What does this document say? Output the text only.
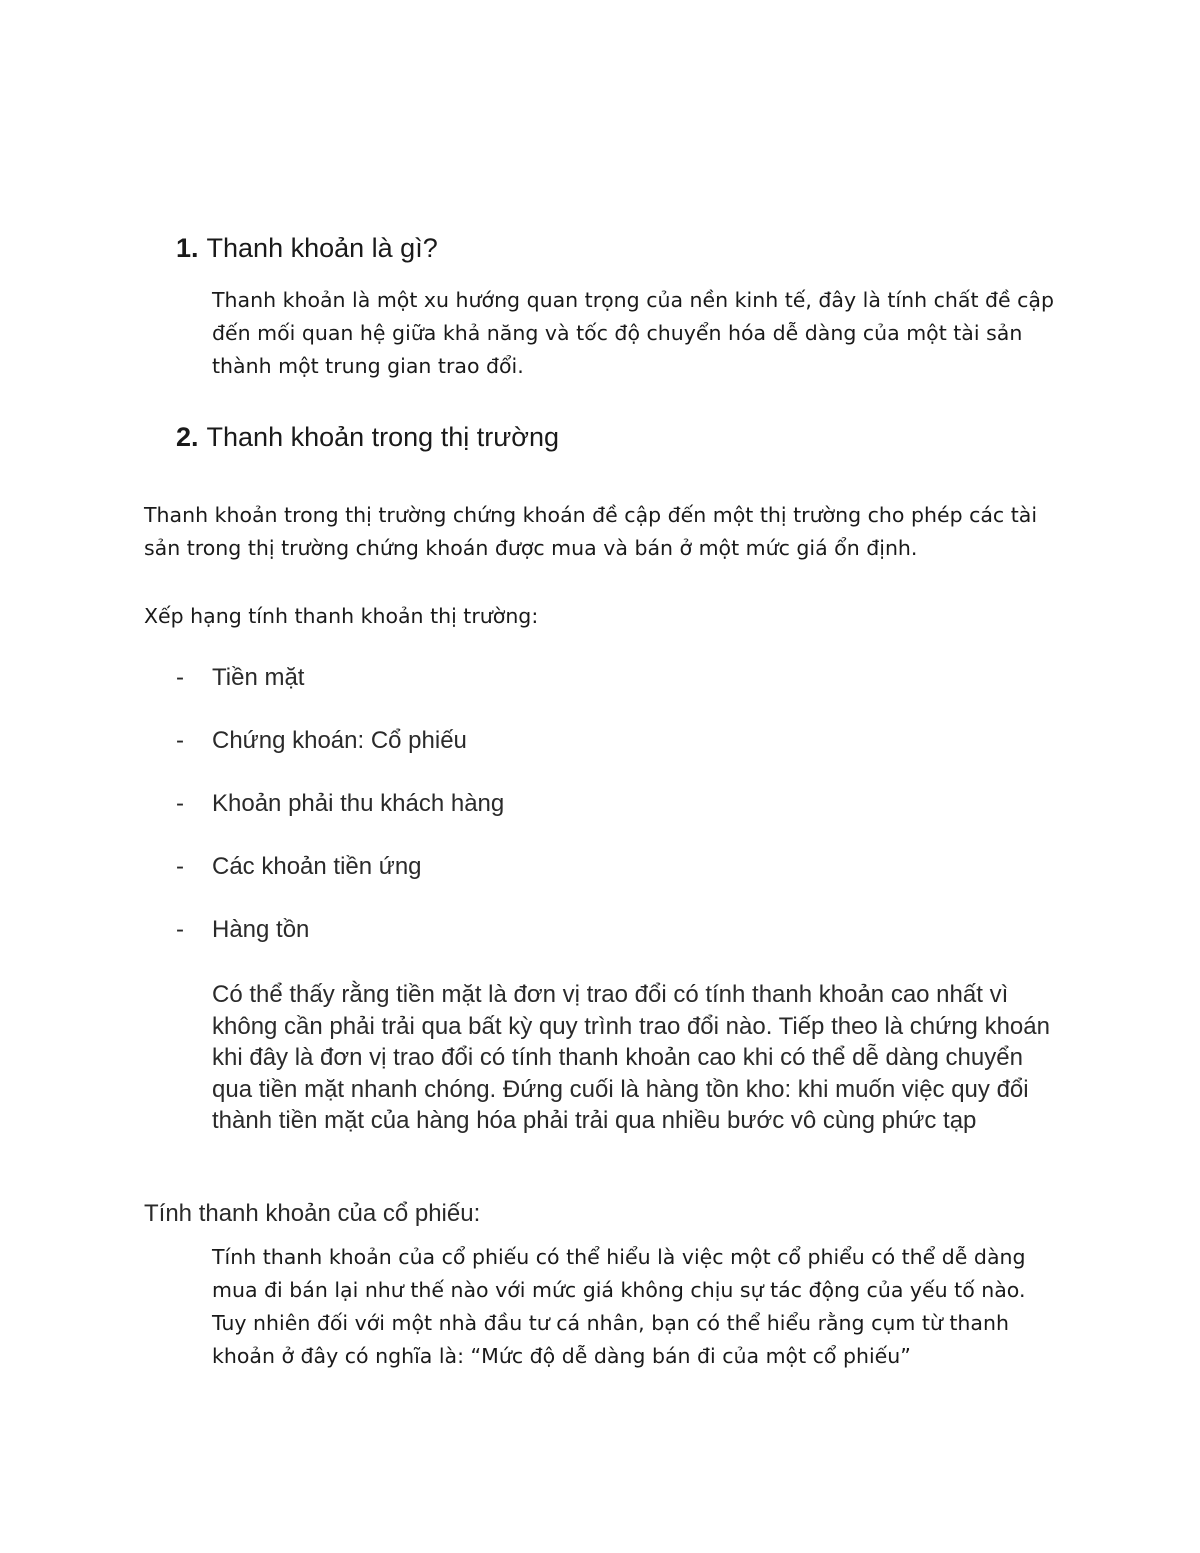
1. Thanh khoản là gì?
Thanh khoản là một xu hướng quan trọng của nền kinh tế, đây là tính chất đề cập đến mối quan hệ giữa khả năng và tốc độ chuyển hóa dễ dàng của một tài sản thành một trung gian trao đổi.
2. Thanh khoản trong thị trường
Thanh khoản trong thị trường chứng khoán đề cập đến một thị trường cho phép các tài sản trong thị trường chứng khoán được mua và bán ở một mức giá ổn định.
Xếp hạng tính thanh khoản thị trường:
- Tiền mặt
- Chứng khoán: Cổ phiếu
- Khoản phải thu khách hàng
- Các khoản tiền ứng
- Hàng tồn
Có thể thấy rằng tiền mặt là đơn vị trao đổi có tính thanh khoản cao nhất vì không cần phải trải qua bất kỳ quy trình trao đổi nào. Tiếp theo là chứng khoán khi đây là đơn vị trao đổi có tính thanh khoản cao khi có thể dễ dàng chuyển qua tiền mặt nhanh chóng. Đứng cuối là hàng tồn kho: khi muốn việc quy đổi thành tiền mặt của hàng hóa phải trải qua nhiều bước vô cùng phức tạp
Tính thanh khoản của cổ phiếu:
Tính thanh khoản của cổ phiếu có thể hiểu là việc một cổ phiểu có thể dễ dàng mua đi bán lại như thế nào với mức giá không chịu sự tác động của yếu tố nào. Tuy nhiên đối với một nhà đầu tư cá nhân, bạn có thể hiểu rằng cụm từ thanh khoản ở đây có nghĩa là: “Mức độ dễ dàng bán đi của một cổ phiếu”
